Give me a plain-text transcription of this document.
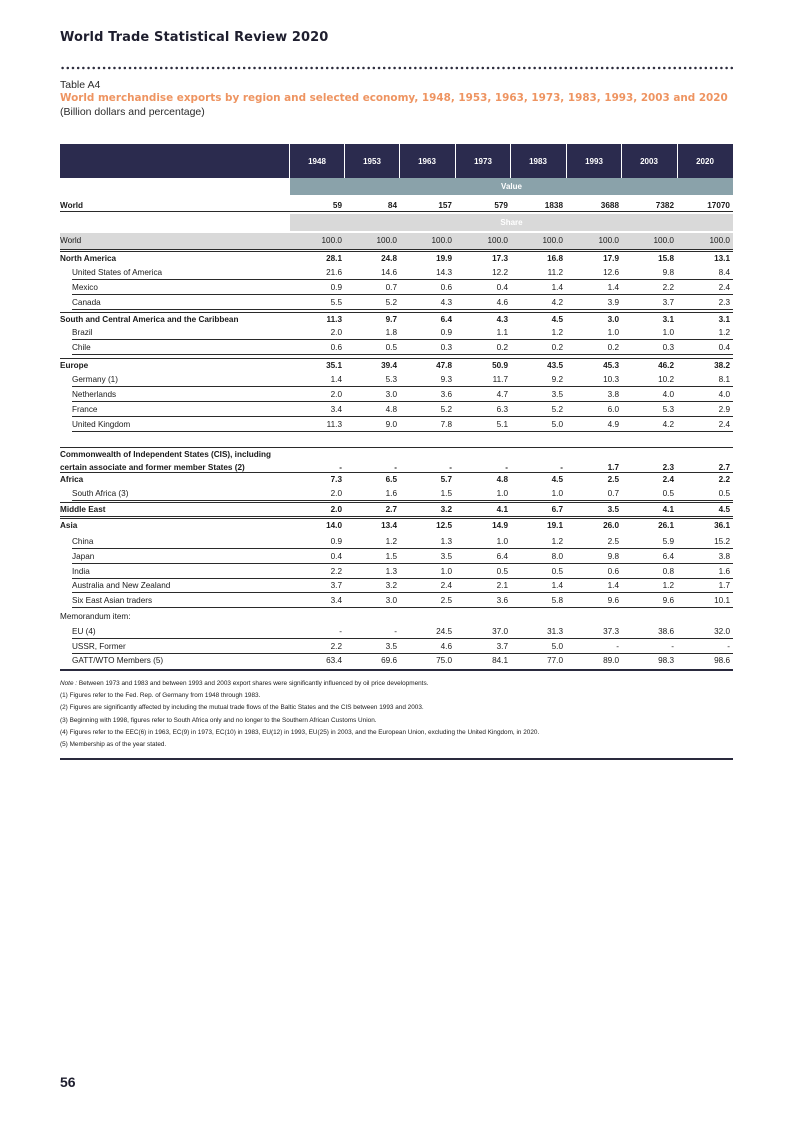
World Trade Statistical Review 2020
Table A4
World merchandise exports by region and selected economy, 1948, 1953, 1963, 1973, 1983, 1993, 2003 and 2020
(Billion dollars and percentage)
1948	1953	1963	1973	1983	1993	2003	2020
Value
Share
World	59	84	157	579	1838	3688	7382	17070
World	100.0	100.0	100.0	100.0	100.0	100.0	100.0	100.0
North America	28.1	24.8	19.9	17.3	16.8	17.9	15.8	13.1
United States of America	21.6	14.6	14.3	12.2	11.2	12.6	9.8	8.4
Mexico	0.9	0.7	0.6	0.4	1.4	1.4	2.2	2.4
Canada	5.5	5.2	4.3	4.6	4.2	3.9	3.7	2.3
South and Central America and the Caribbean	11.3	9.7	6.4	4.3	4.5	3.0	3.1	3.1
Brazil	2.0	1.8	0.9	1.1	1.2	1.0	1.0	1.2
Chile	0.6	0.5	0.3	0.2	0.2	0.2	0.3	0.4
Europe	35.1	39.4	47.8	50.9	43.5	45.3	46.2	38.2
Germany (1)	1.4	5.3	9.3	11.7	9.2	10.3	10.2	8.1
Netherlands	2.0	3.0	3.6	4.7	3.5	3.8	4.0	4.0
France	3.4	4.8	5.2	6.3	5.2	6.0	5.3	2.9
United Kingdom	11.3	9.0	7.8	5.1	5.0	4.9	4.2	2.4
Commonwealth of Independent States (CIS), including
certain associate and former member States (2)	-	-	-	-	-	1.7	2.3	2.7
Africa	7.3	6.5	5.7	4.8	4.5	2.5	2.4	2.2
South Africa (3)	2.0	1.6	1.5	1.0	1.0	0.7	0.5	0.5
Middle East	2.0	2.7	3.2	4.1	6.7	3.5	4.1	4.5
Asia	14.0	13.4	12.5	14.9	19.1	26.0	26.1	36.1
China	0.9	1.2	1.3	1.0	1.2	2.5	5.9	15.2
Japan	0.4	1.5	3.5	6.4	8.0	9.8	6.4	3.8
India	2.2	1.3	1.0	0.5	0.5	0.6	0.8	1.6
Australia and New Zealand	3.7	3.2	2.4	2.1	1.4	1.4	1.2	1.7
Six East Asian traders	3.4	3.0	2.5	3.6	5.8	9.6	9.6	10.1
Memorandum item:
EU (4)	-	-	24.5	37.0	31.3	37.3	38.6	32.0
USSR, Former	2.2	3.5	4.6	3.7	5.0	-	-	-
GATT/WTO Members (5)	63.4	69.6	75.0	84.1	77.0	89.0	98.3	98.6
Note : Between 1973 and 1983 and between 1993 and 2003 export shares were significantly influenced by oil price developments.
(1) Figures refer to the Fed. Rep. of Germany from 1948 through 1983.
(2) Figures are significantly affected by including the mutual trade flows of the Baltic States and the CIS between 1993 and 2003.
(3) Beginning with 1998, figures refer to South Africa only and no longer to the Southern African Customs Union.
(4) Figures refer to the EEC(6) in 1963, EC(9) in 1973, EC(10) in 1983, EU(12) in 1993, EU(25) in 2003, and the European Union, excluding the United Kingdom, in 2020.
(5) Membership as of the year stated.
56
